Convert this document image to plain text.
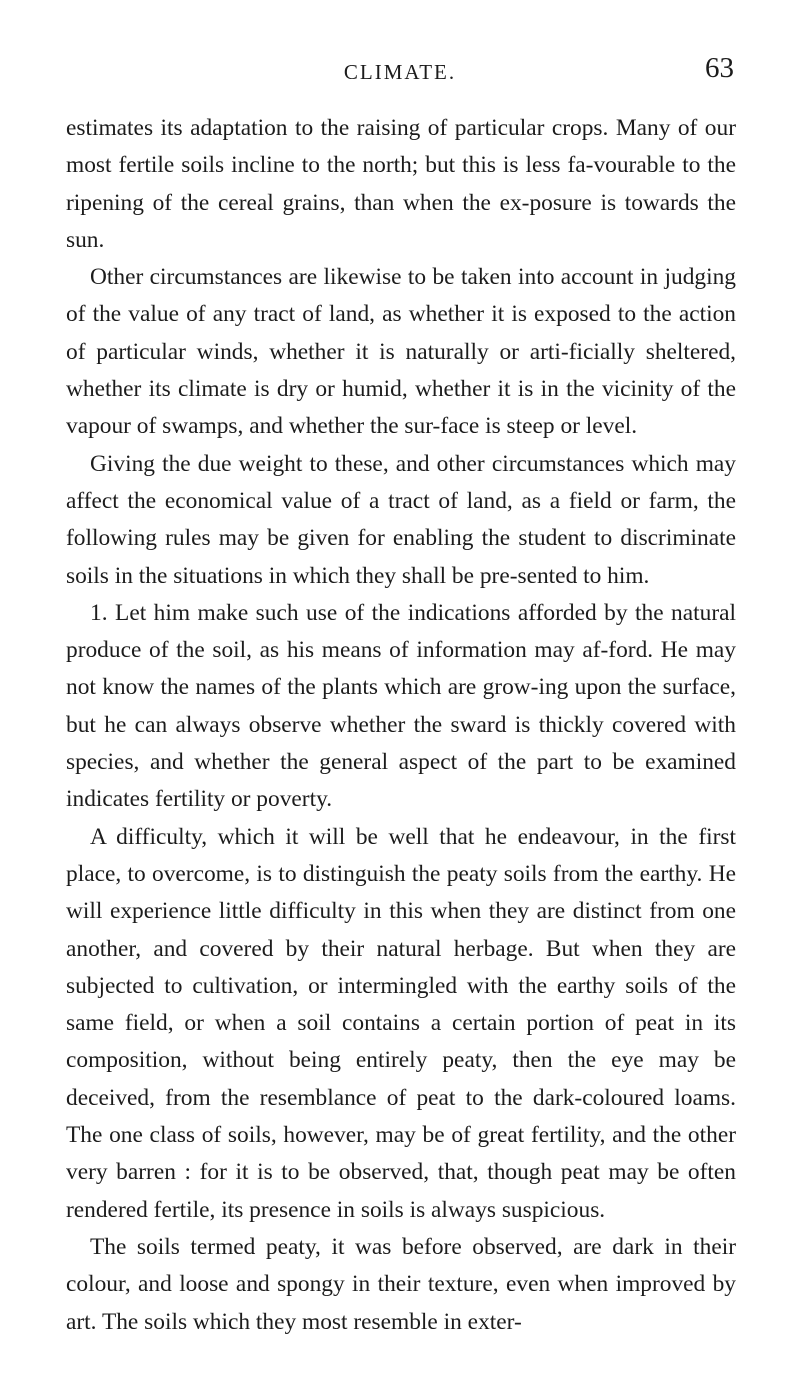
CLIMATE.	63

estimates its adaptation to the raising of particular crops. Many of our most fertile soils incline to the north; but this is less fa-vourable to the ripening of the cereal grains, than when the ex-posure is towards the sun.

Other circumstances are likewise to be taken into account in judging of the value of any tract of land, as whether it is exposed to the action of particular winds, whether it is naturally or arti-ficially sheltered, whether its climate is dry or humid, whether it is in the vicinity of the vapour of swamps, and whether the sur-face is steep or level.

Giving the due weight to these, and other circumstances which may affect the economical value of a tract of land, as a field or farm, the following rules may be given for enabling the student to discriminate soils in the situations in which they shall be pre-sented to him.

1. Let him make such use of the indications afforded by the natural produce of the soil, as his means of information may af-ford. He may not know the names of the plants which are grow-ing upon the surface, but he can always observe whether the sward is thickly covered with species, and whether the general aspect of the part to be examined indicates fertility or poverty.

A difficulty, which it will be well that he endeavour, in the first place, to overcome, is to distinguish the peaty soils from the earthy. He will experience little difficulty in this when they are distinct from one another, and covered by their natural herbage. But when they are subjected to cultivation, or intermingled with the earthy soils of the same field, or when a soil contains a certain portion of peat in its composition, without being entirely peaty, then the eye may be deceived, from the resemblance of peat to the dark-coloured loams. The one class of soils, however, may be of great fertility, and the other very barren : for it is to be observed, that, though peat may be often rendered fertile, its presence in soils is always suspicious.

The soils termed peaty, it was before observed, are dark in their colour, and loose and spongy in their texture, even when improved by art. The soils which they most resemble in exter-
